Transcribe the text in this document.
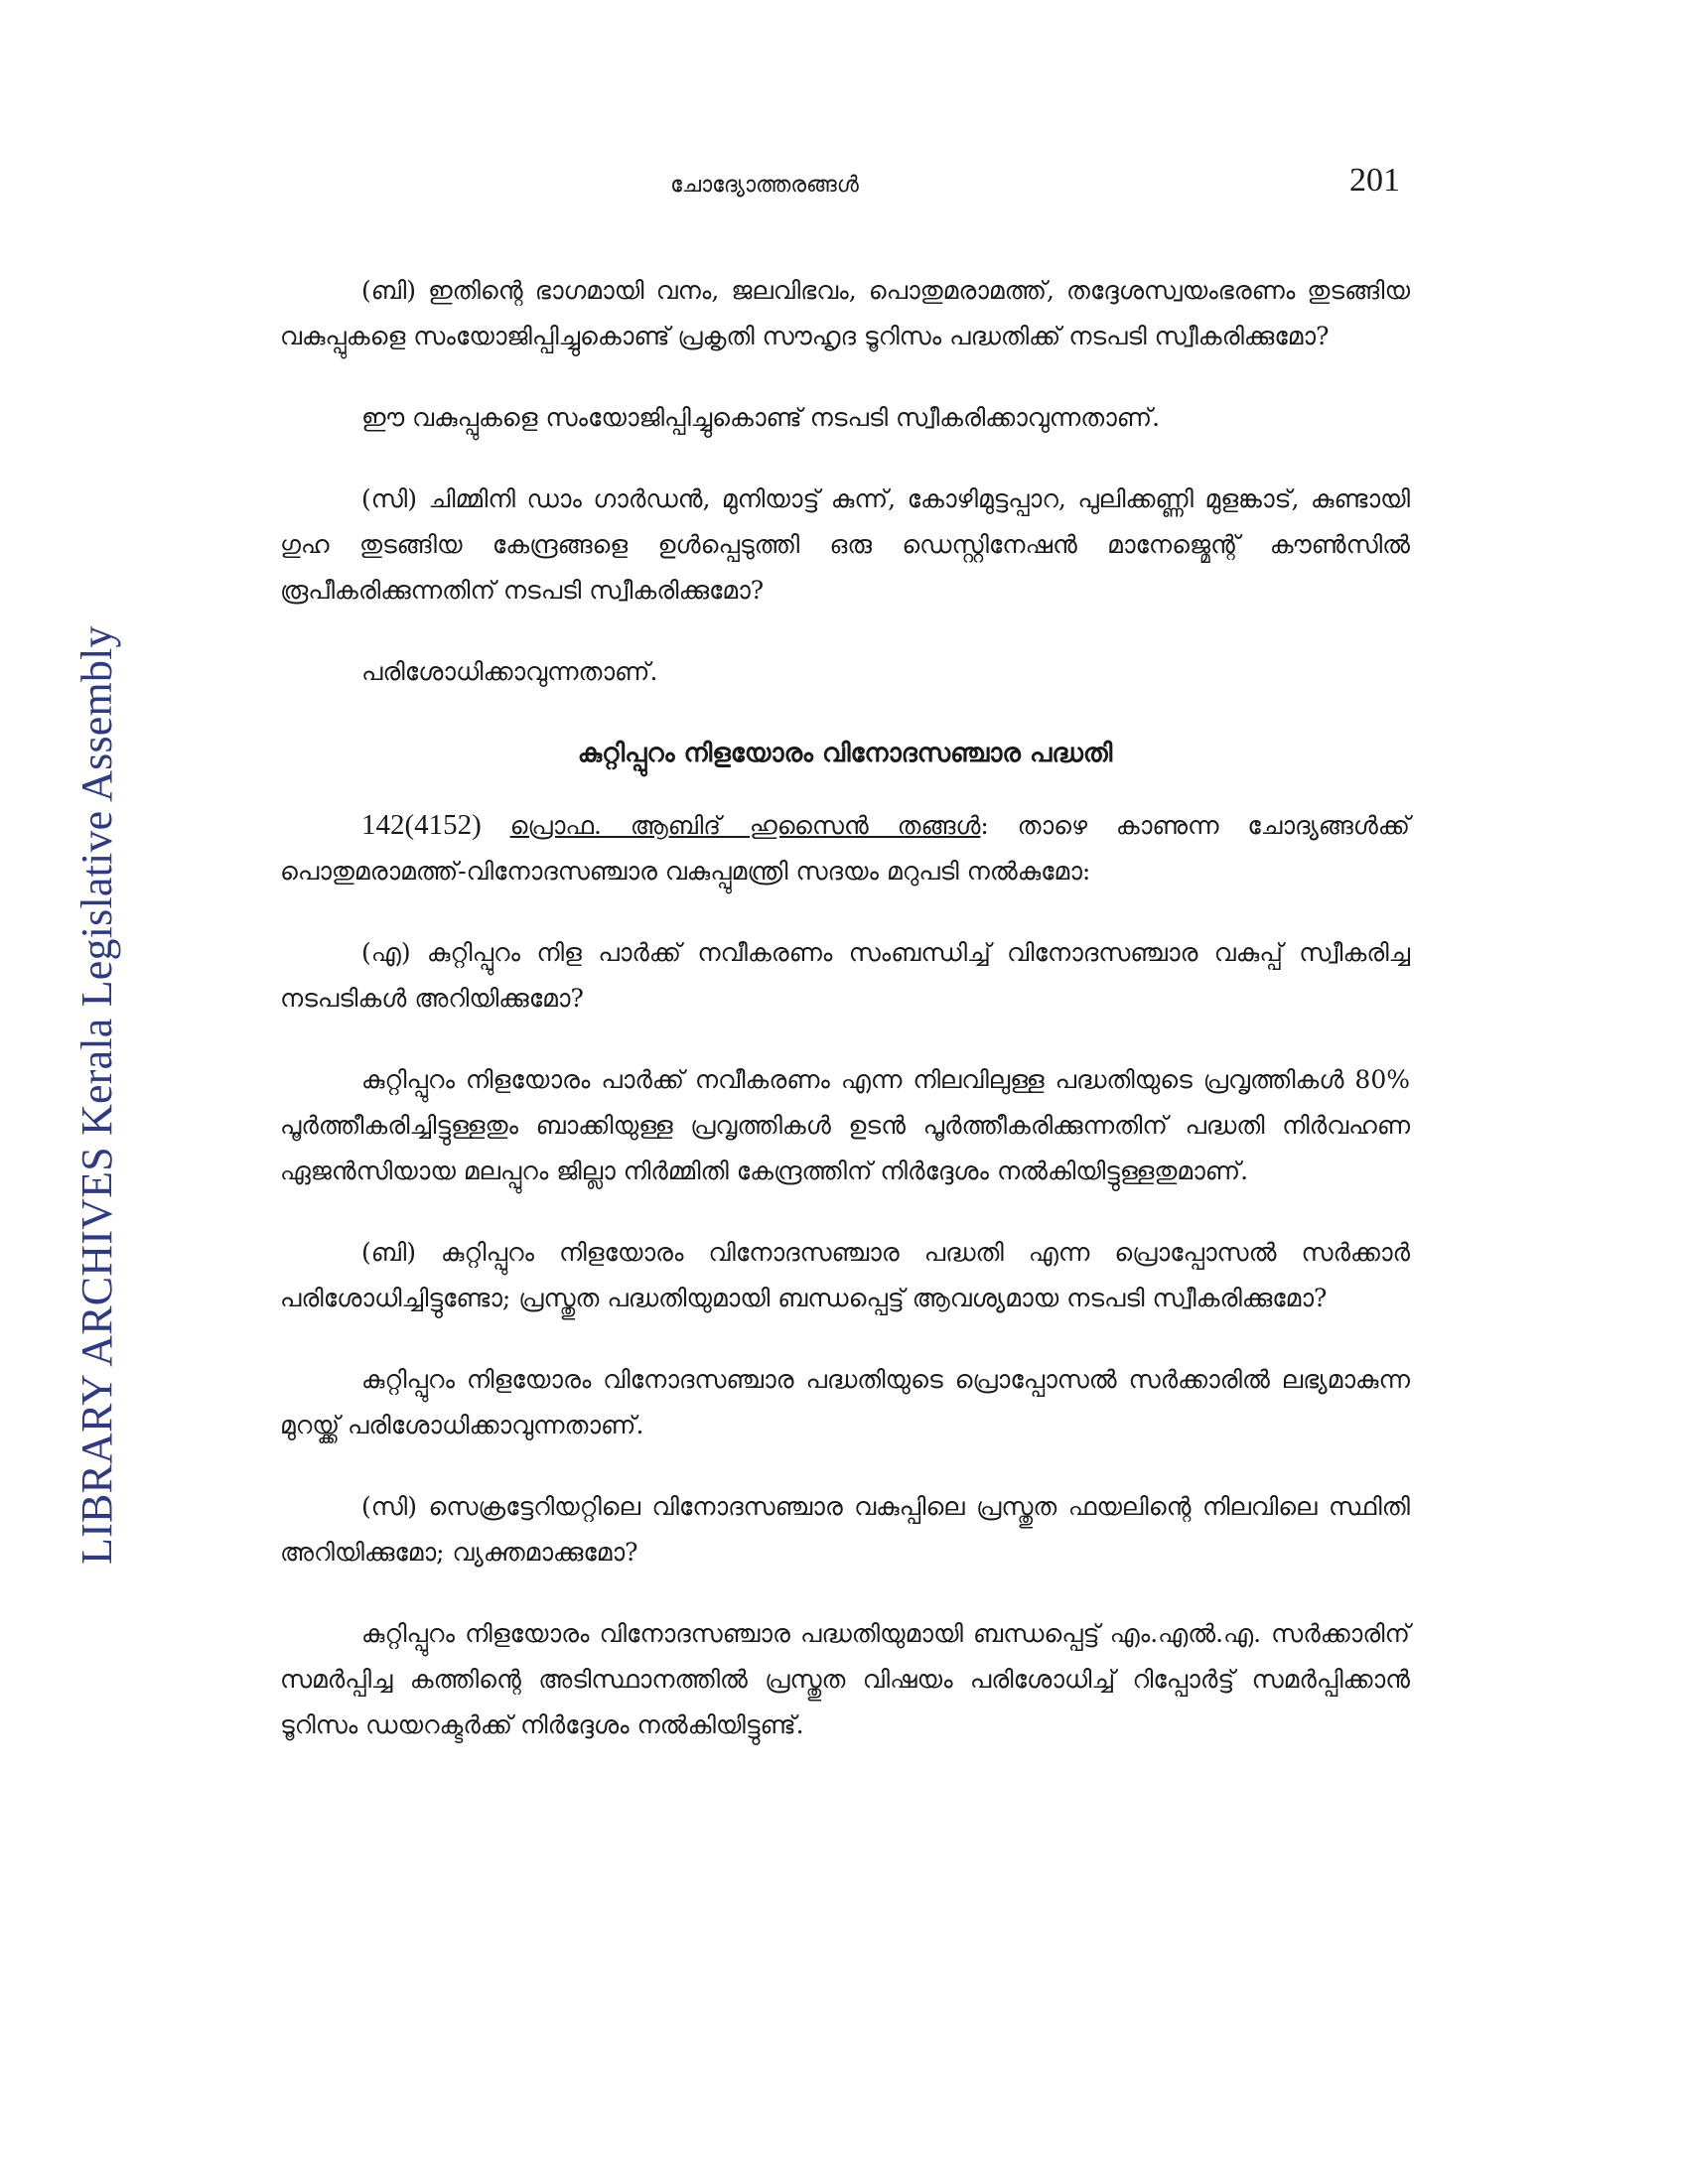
LIBRARY ARCHIVES Kerala Legislative Assembly
ചോദ്യോത്തരങ്ങൾ	201

(ബി) ഇതിന്റെ ഭാഗമായി വനം, ജലവിഭവം, പൊതുമരാമത്ത്, തദ്ദേശസ്വയംഭരണം തുടങ്ങിയ വകുപ്പുകളെ സംയോജിപ്പിച്ചുകൊണ്ട് പ്രകൃതി സൗഹൃദ ടൂറിസം പദ്ധതിക്ക് നടപടി സ്വീകരിക്കുമോ?

ഈ വകുപ്പുകളെ സംയോജിപ്പിച്ചുകൊണ്ട് നടപടി സ്വീകരിക്കാവുന്നതാണ്.

(സി) ചിമ്മിനി ഡാം ഗാർഡൻ, മുനിയാട്ട് കുന്ന്, കോഴിമുട്ടപ്പാറ, പുലിക്കണ്ണി മുളങ്കാട്, കുണ്ടായി ഗുഹ തുടങ്ങിയ കേന്ദ്രങ്ങളെ ഉൾപ്പെടുത്തി ഒരു ഡെസ്റ്റിനേഷൻ മാനേജ്മെന്റ് കൗൺസിൽ രൂപീകരിക്കുന്നതിന് നടപടി സ്വീകരിക്കുമോ?

പരിശോധിക്കാവുന്നതാണ്.

കുറ്റിപ്പുറം നിളയോരം വിനോദസഞ്ചാര പദ്ധതി

142(4152) പ്രൊഫ. ആബിദ് ഹുസൈൻ തങ്ങൾ: താഴെ കാണുന്ന ചോദ്യങ്ങൾക്ക് പൊതുമരാമത്ത്-വിനോദസഞ്ചാര വകുപ്പുമന്ത്രി സദയം മറുപടി നൽകുമോ:

(എ) കുറ്റിപ്പുറം നിള പാർക്ക് നവീകരണം സംബന്ധിച്ച് വിനോദസഞ്ചാര വകുപ്പ് സ്വീകരിച്ച നടപടികൾ അറിയിക്കുമോ?

കുറ്റിപ്പുറം നിളയോരം പാർക്ക് നവീകരണം എന്ന നിലവിലുള്ള പദ്ധതിയുടെ പ്രവൃത്തികൾ 80% പൂർത്തീകരിച്ചിട്ടുള്ളതും ബാക്കിയുള്ള പ്രവൃത്തികൾ ഉടൻ പൂർത്തീകരിക്കുന്നതിന് പദ്ധതി നിർവഹണ ഏജൻസിയായ മലപ്പുറം ജില്ലാ നിർമ്മിതി കേന്ദ്രത്തിന് നിർദ്ദേശം നൽകിയിട്ടുള്ളതുമാണ്.

(ബി) കുറ്റിപ്പുറം നിളയോരം വിനോദസഞ്ചാര പദ്ധതി എന്ന പ്രൊപ്പോസൽ സർക്കാർ പരിശോധിച്ചിട്ടുണ്ടോ; പ്രസ്തുത പദ്ധതിയുമായി ബന്ധപ്പെട്ട് ആവശ്യമായ നടപടി സ്വീകരിക്കുമോ?

കുറ്റിപ്പുറം നിളയോരം വിനോദസഞ്ചാര പദ്ധതിയുടെ പ്രൊപ്പോസൽ സർക്കാരിൽ ലഭ്യമാകുന്ന മുറയ്ക്ക് പരിശോധിക്കാവുന്നതാണ്.

(സി) സെക്രട്ടേറിയറ്റിലെ വിനോദസഞ്ചാര വകുപ്പിലെ പ്രസ്തുത ഫയലിന്റെ നിലവിലെ സ്ഥിതി അറിയിക്കുമോ; വ്യക്തമാക്കുമോ?

കുറ്റിപ്പുറം നിളയോരം വിനോദസഞ്ചാര പദ്ധതിയുമായി ബന്ധപ്പെട്ട് എം.എൽ.എ. സർക്കാരിന് സമർപ്പിച്ച കത്തിന്റെ അടിസ്ഥാനത്തിൽ പ്രസ്തുത വിഷയം പരിശോധിച്ച് റിപ്പോർട്ട് സമർപ്പിക്കാൻ ടൂറിസം ഡയറക്ടർക്ക് നിർദ്ദേശം നൽകിയിട്ടുണ്ട്.
